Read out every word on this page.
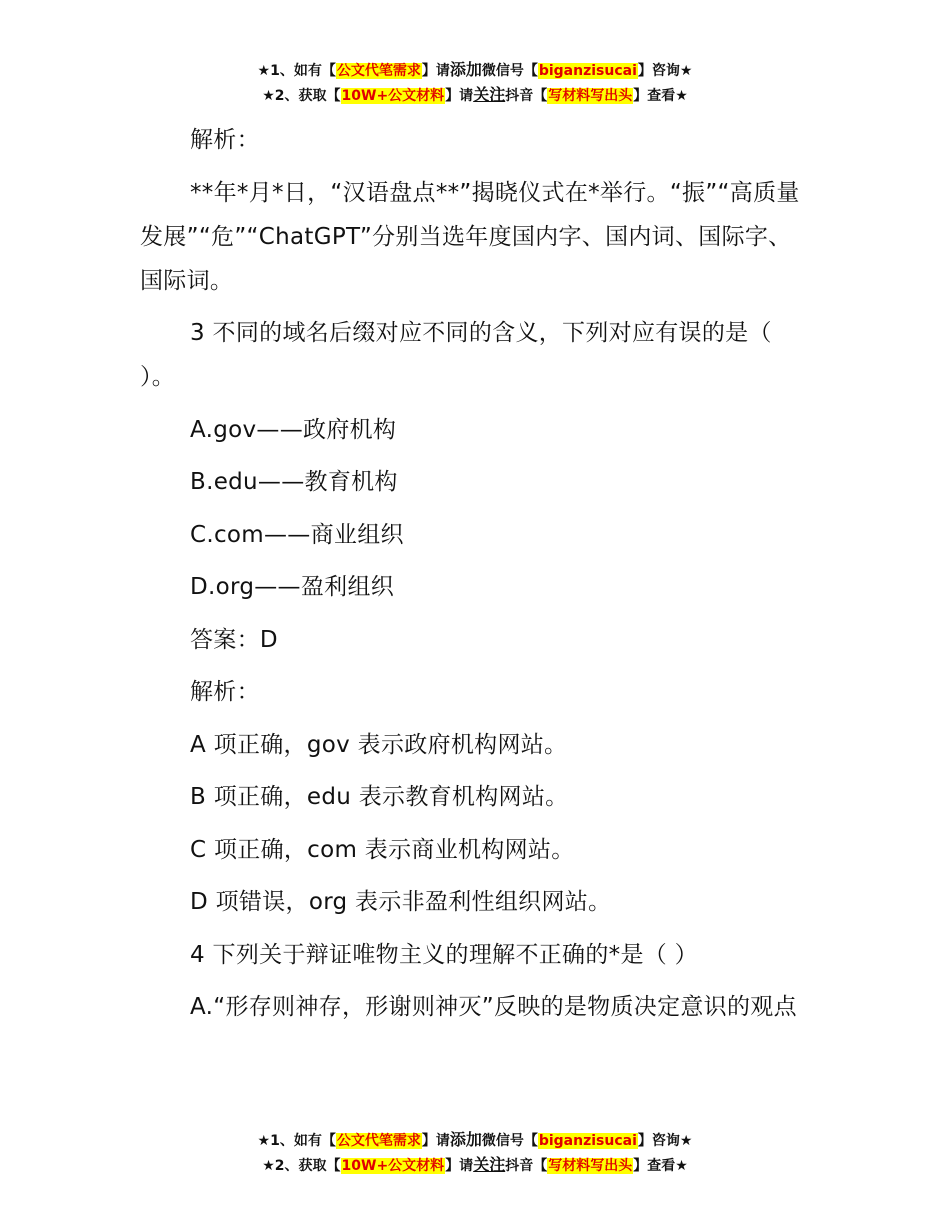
★1、如有【公文代笔需求】请添加微信号【biganzisucai】咨询★
★2、获取【10W+公文材料】请关注抖音【写材料写出头】查看★

解析：

**年*月*日，“汉语盘点**”揭晓仪式在*举行。“振”“高质量发展”“危”“ChatGPT”分别当选年度国内字、国内词、国际字、国际词。

3 不同的域名后缀对应不同的含义，下列对应有误的是（ ）。

A.gov——政府机构

B.edu——教育机构

C.com——商业组织

D.org——盈利组织

答案：D

解析：

A 项正确，gov 表示政府机构网站。

B 项正确，edu 表示教育机构网站。

C 项正确，com 表示商业机构网站。

D 项错误，org 表示非盈利性组织网站。

4 下列关于辩证唯物主义的理解不正确的*是（ ）

A.“形存则神存，形谢则神灭”反映的是物质决定意识的观点

★1、如有【公文代笔需求】请添加微信号【biganzisucai】咨询★
★2、获取【10W+公文材料】请关注抖音【写材料写出头】查看★
